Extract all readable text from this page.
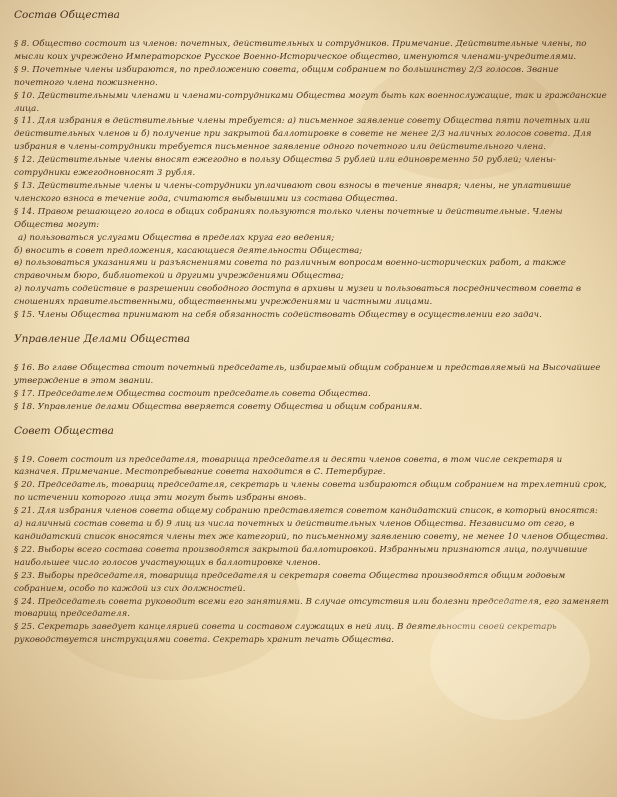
Состав Общества

§ 8. Общество состоит из членов: почетных, действительных и сотрудников. Примечание. Действительные члены, по мысли коих учреждено Императорское Русское Военно-Историческое общество, именуются членами-учредителями.

§ 9. Почетные члены избираются, по предложению совета, общим собранием по большинству 2/3 голосов. Звание почетного члена пожизненно.

§ 10. Действительными членами и членами-сотрудниками Общества могут быть как военнослужащие, так и гражданские лица.

§ 11. Для избрания в действительные члены требуется: а) письменное заявление совету Общества пяти почетных или действительных членов и б) получение при закрытой баллотировке в совете не менее 2/3 наличных голосов совета. Для избрания в члены-сотрудники требуется письменное заявление одного почетного или действительного члена.

§ 12. Действительные члены вносят ежегодно в пользу Общества 5 рублей или единовременно 50 рублей; члены-сотрудники ежегодновносят 3 рубля.

§ 13. Действительные члены и члены-сотрудники уплачивают свои взносы в течение января; члены, не уплатившие членского взноса в течение года, считаются выбывшими из состава Общества.

§ 14. Правом решающего голоса в общих собраниях пользуются только члены почетные и действительные. Члены Общества могут:

а) пользоваться услугами Общества в пределах круга его ведения;

б) вносить в совет предложения, касающиеся деятельности Общества;

в) пользоваться указаниями и разъяснениями совета по различным вопросам военно-исторических работ, а также справочным бюро, библиотекой и другими учреждениями Общества;

г) получать содействие в разрешении свободного доступа в архивы и музеи и пользоваться посредничеством совета в сношениях правительственными, общественными учреждениями и частными лицами.

§ 15. Члены Общества принимают на себя обязанность содействовать Обществу в осуществлении его задач.

Управление Делами Общества

§ 16. Во главе Общества стоит почетный председатель, избираемый общим собранием и представляемый на Высочайшее утверждение в этом звании.

§ 17. Председателем Общества состоит председатель совета Общества.

§ 18. Управление делами Общества вверяется совету Общества и общим собраниям.

Совет Общества

§ 19. Совет состоит из председателя, товарища председателя и десяти членов совета, в том числе секретаря и казначея. Примечание. Местопребывание совета находится в С. Петербурге.

§ 20. Председатель, товарищ председателя, секретарь и члены совета избираются общим собранием на трехлетний срок, по истечении которого лица эти могут быть избраны вновь.

§ 21. Для избрания членов совета общему собранию представляется советом кандидатский список, в который вносятся: а) наличный состав совета и б) 9 лиц из числа почетных и действительных членов Общества. Независимо от сего, в кандидатский список вносятся члены тех же категорий, по письменному заявлению совету, не менее 10 членов Общества.

§ 22. Выборы всего состава совета производятся закрытой баллотировкой. Избранными признаются лица, получившие наибольшее число голосов участвующих в баллотировке членов.

§ 23. Выборы председателя, товарища председателя и секретаря совета Общества производятся общим годовым собранием, особо по каждой из сих должностей.

§ 24. Председатель совета руководит всеми его занятиями. В случае отсутствия или болезни председателя, его заменяет товарищ председателя.

§ 25. Секретарь заведует канцелярией совета и составом служащих в ней лиц. В деятельности своей секретарь руководствуется инструкциями совета. Секретарь хранит печать Общества.
